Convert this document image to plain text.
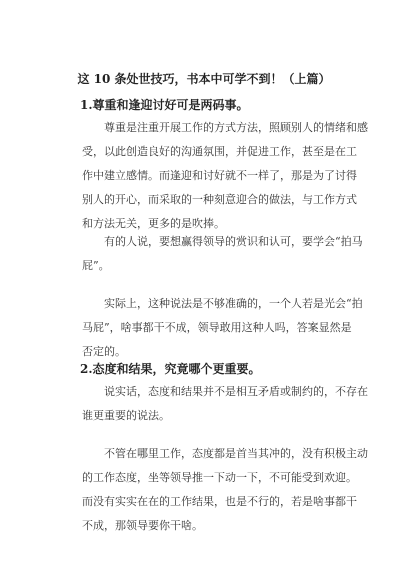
这 10 条处世技巧，书本中可学不到！（上篇）
1.尊重和逢迎讨好可是两码事。
尊重是注重开展工作的方式方法，照顾别人的情绪和感
受，以此创造良好的沟通氛围，并促进工作，甚至是在工
作中建立感情。而逢迎和讨好就不一样了，那是为了讨得
别人的开心，而采取的一种刻意迎合的做法，与工作方式
和方法无关，更多的是吹捧。
有的人说，要想赢得领导的赏识和认可，要学会“拍马
屁”。
实际上，这种说法是不够准确的，一个人若是光会“拍
马屁”，啥事都干不成，领导敢用这种人吗，答案显然是
否定的。
2.态度和结果，究竟哪个更重要。
说实话，态度和结果并不是相互矛盾或制约的，不存在
谁更重要的说法。
不管在哪里工作，态度都是首当其冲的，没有积极主动
的工作态度，坐等领导推一下动一下，不可能受到欢迎。
而没有实实在在的工作结果，也是不行的，若是啥事都干
不成，那领导要你干啥。
